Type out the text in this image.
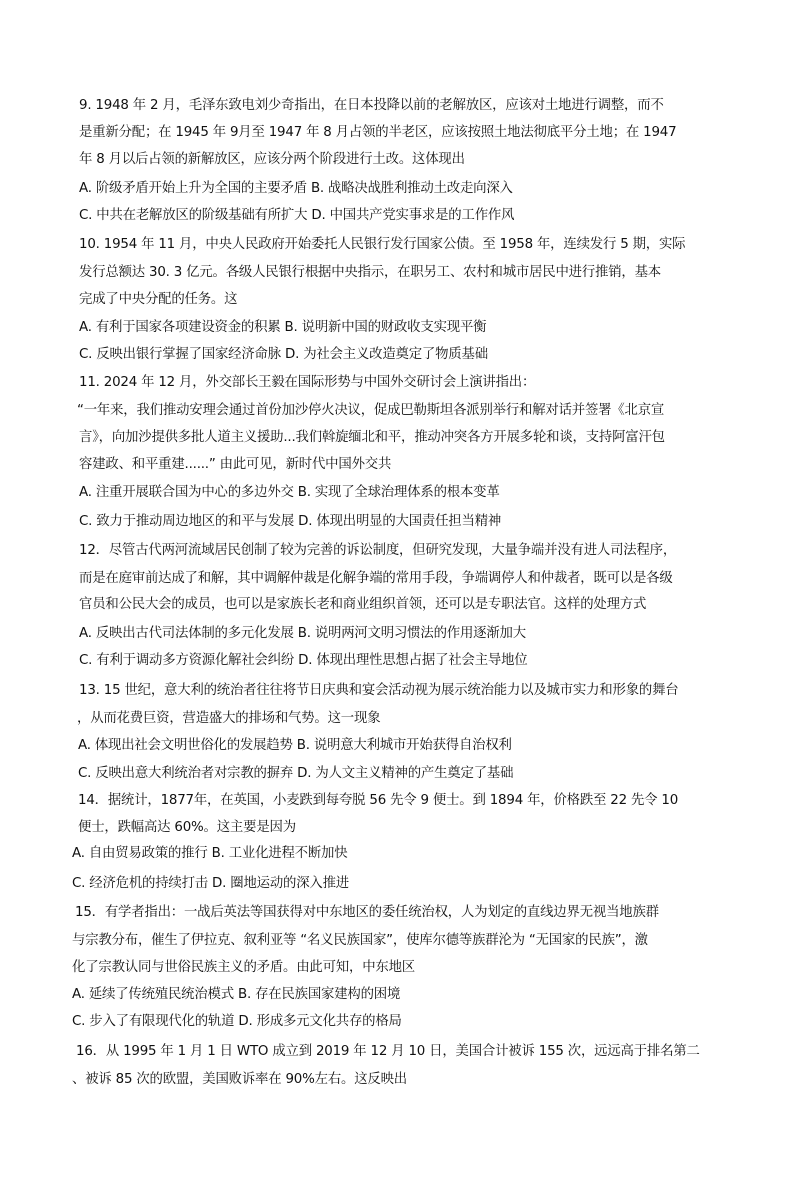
9. 1948 年 2 月，毛泽东致电刘少奇指出，在日本投降以前的老解放区，应该对土地进行调整，而不
是重新分配；在 1945 年 9月至 1947 年 8 月占领的半老区，应该按照土地法彻底平分土地；在 1947
年 8 月以后占领的新解放区，应该分两个阶段进行土改。这体现出
A. 阶级矛盾开始上升为全国的主要矛盾 B. 战略决战胜利推动土改走向深入
C. 中共在老解放区的阶级基础有所扩大 D. 中国共产党实事求是的工作作风
10. 1954 年 11 月，中央人民政府开始委托人民银行发行国家公债。至 1958 年，连续发行 5 期，实际
发行总额达 30. 3 亿元。各级人民银行根据中央指示，在职另工、农村和城市居民中进行推销，基本
完成了中央分配的任务。这
A. 有利于国家各项建设资金的积累 B. 说明新中国的财政收支实现平衡
C. 反映出银行掌握了国家经济命脉 D. 为社会主义改造奠定了物质基础
11. 2024 年 12 月，外交部长王毅在国际形势与中国外交研讨会上演讲指出：
“一年来，我们推动安理会通过首份加沙停火决议，促成巴勒斯坦各派别举行和解对话并签署《北京宣
言》，向加沙提供多批人道主义援助...我们斡旋缅北和平，推动冲突各方开展多轮和谈，支持阿富汗包
容建政、和平重建......” 由此可见，新时代中国外交共
A. 注重开展联合国为中心的多边外交 B. 实现了全球治理体系的根本变革
C. 致力于推动周边地区的和平与发展 D. 体现出明显的大国责任担当精神
12．尽管古代两河流域居民创制了较为完善的诉讼制度，但研究发现，大量争端并没有进人司法程序，
而是在庭审前达成了和解，其中调解仲裁是化解争端的常用手段，争端调停人和仲裁者，既可以是各级
官员和公民大会的成员，也可以是家族长老和商业组织首领，还可以是专职法官。这样的处理方式
A. 反映出古代司法体制的多元化发展 B. 说明两河文明习惯法的作用逐渐加大
C. 有利于调动多方资源化解社会纠纷 D. 体现出理性思想占据了社会主导地位
13. 15 世纪，意大利的统治者往往将节日庆典和宴会活动视为展示统治能力以及城市实力和形象的舞台
，从而花费巨资，营造盛大的排场和气势。这一现象
A. 体现出社会文明世俗化的发展趋势 B. 说明意大利城市开始获得自治权利
C. 反映出意大利统治者对宗教的摒弃 D. 为人文主义精神的产生奠定了基础
14．据统计，1877年，在英国，小麦跌到每夸脱 56 先令 9 便士。到 1894 年，价格跌至 22 先令 10
便士，跌幅高达 60%。这主要是因为
A. 自由贸易政策的推行 B. 工业化进程不断加快
C. 经济危机的持续打击 D. 圈地运动的深入推进
15．有学者指出：一战后英法等国获得对中东地区的委任统治权，人为划定的直线边界无视当地族群
与宗教分布，催生了伊拉克、叙利亚等 “名义民族国家”，使库尔德等族群沦为 “无国家的民族”，激
化了宗教认同与世俗民族主义的矛盾。由此可知，中东地区
A. 延续了传统殖民统治模式 B. 存在民族国家建构的困境
C. 步入了有限现代化的轨道 D. 形成多元文化共存的格局
16．从 1995 年 1 月 1 日 WTO 成立到 2019 年 12 月 10 日，美国合计被诉 155 次，远远高于排名第二
、被诉 85 次的欧盟，美国败诉率在 90%左右。这反映出
